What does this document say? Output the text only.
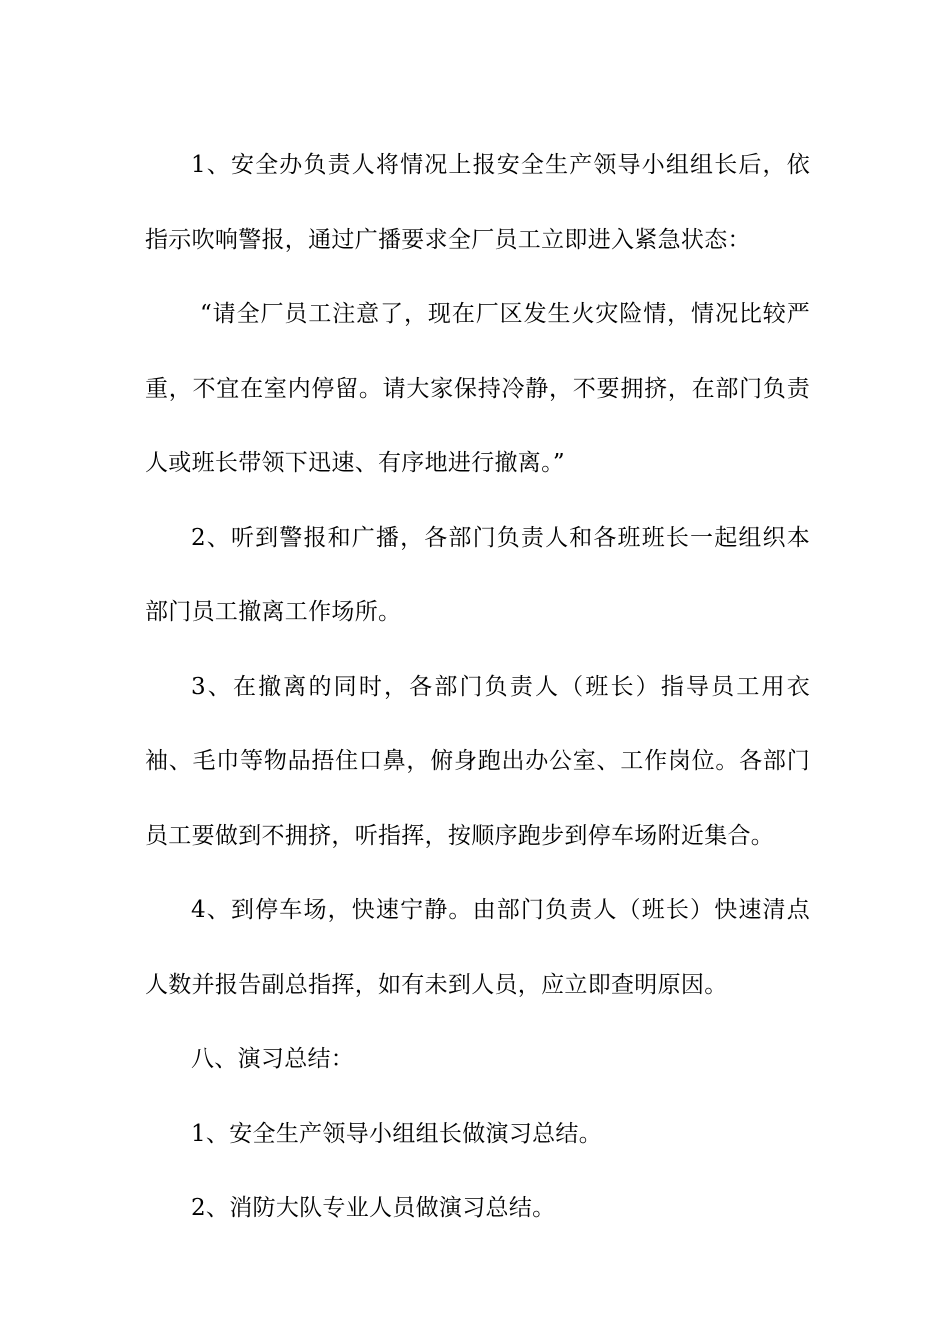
1、安全办负责人将情况上报安全生产领导小组组长后，依指示吹响警报，通过广播要求全厂员工立即进入紧急状态：

“请全厂员工注意了，现在厂区发生火灾险情，情况比较严重，不宜在室内停留。请大家保持冷静，不要拥挤，在部门负责人或班长带领下迅速、有序地进行撤离。”

2、听到警报和广播，各部门负责人和各班班长一起组织本部门员工撤离工作场所。

3、在撤离的同时，各部门负责人（班长）指导员工用衣袖、毛巾等物品捂住口鼻，俯身跑出办公室、工作岗位。各部门员工要做到不拥挤，听指挥，按顺序跑步到停车场附近集合。

4、到停车场，快速宁静。由部门负责人（班长）快速清点人数并报告副总指挥，如有未到人员，应立即查明原因。

八、演习总结：

1、安全生产领导小组组长做演习总结。

2、消防大队专业人员做演习总结。
